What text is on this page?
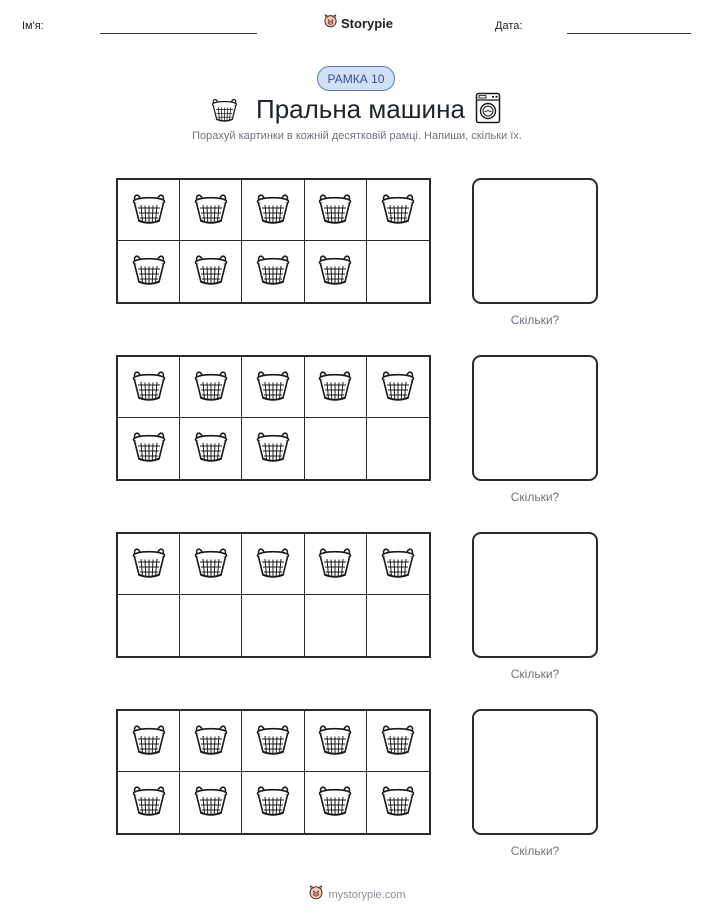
Ім'я:	Storypie	Дата:
РАМКА 10
Пральна машина
Порахуй картинки в кожній десятковій рамці. Напиши, скільки їх.
Скільки?
Скільки?
Скільки?
Скільки?
mystorypie.com
